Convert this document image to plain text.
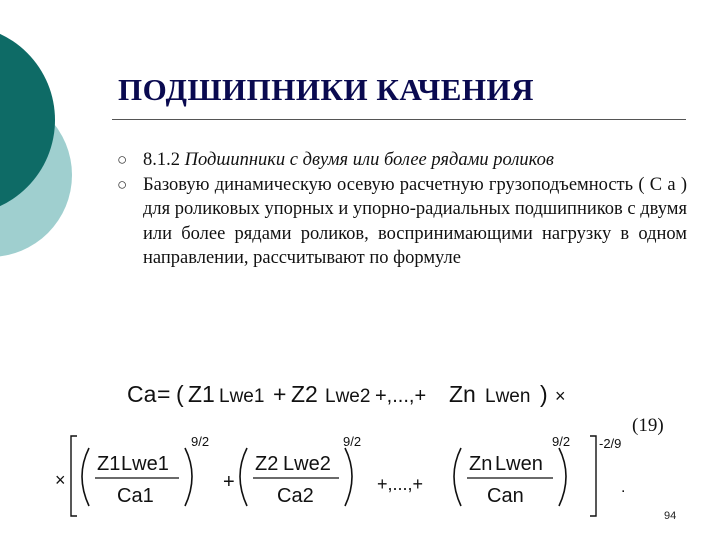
ПОДШИПНИКИ КАЧЕНИЯ
○ 8.1.2 Подшипники с двумя или более рядами роликов
○ Базовую динамическую осевую расчетную грузоподъемность ( C a ) для роликовых упорных и упорно-радиальных подшипников с двумя или более рядами роликов, воспринимающими нагрузку в одном направлении, рассчитывают по формуле
Ca = ( Z1 Lwe1 + Z2 Lwe2 +,...,+ Zn Lwen ) ×
×
Z1 Lwe1
Ca1
9/2
+
Z2 Lwe2
Ca2
9/2
+,...,+
Zn Lwen
Can
9/2 -2/9
.
(19)
94
